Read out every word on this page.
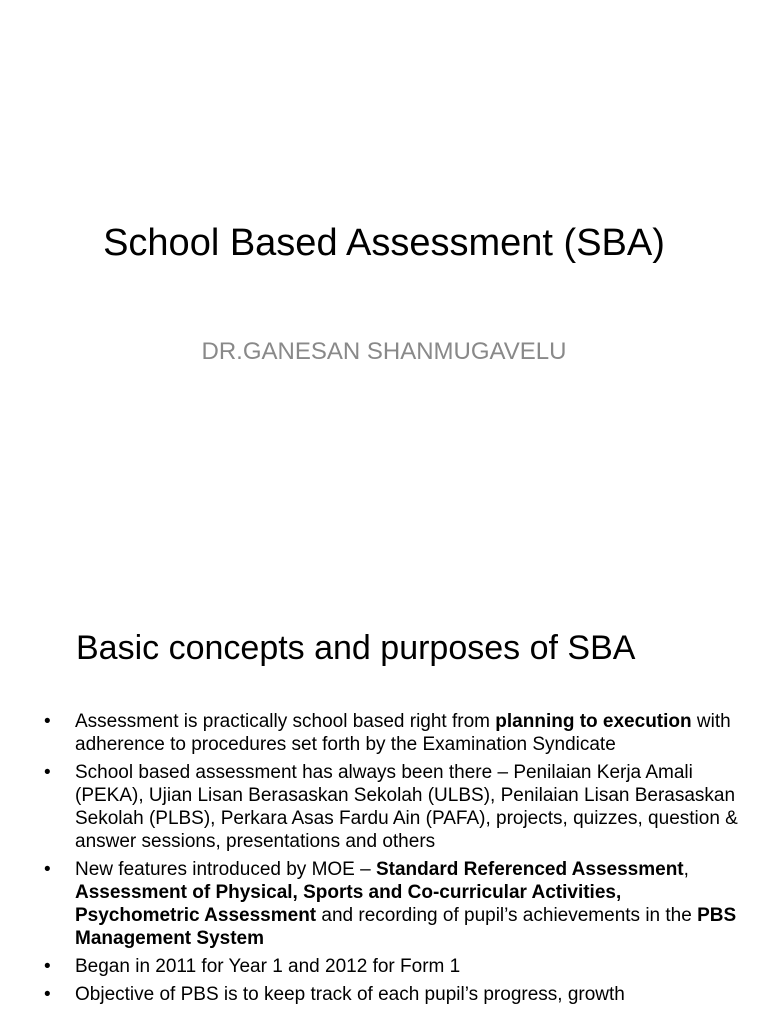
School Based Assessment (SBA)
DR.GANESAN SHANMUGAVELU
Basic concepts and purposes of SBA
•
Assessment is practically school based right from planning to execution with adherence to procedures set forth by the Examination Syndicate
•
School based assessment has always been there – Penilaian Kerja Amali (PEKA), Ujian Lisan Berasaskan Sekolah (ULBS), Penilaian Lisan Berasaskan Sekolah (PLBS), Perkara Asas Fardu Ain (PAFA), projects, quizzes, question & answer sessions, presentations and others
•
New features introduced by MOE – Standard Referenced Assessment, Assessment of Physical, Sports and Co-curricular Activities, Psychometric Assessment and recording of pupil’s achievements in the PBS Management System
•
Began in 2011 for Year 1 and 2012 for Form 1
•
Objective of PBS is to keep track of each pupil’s progress, growth
